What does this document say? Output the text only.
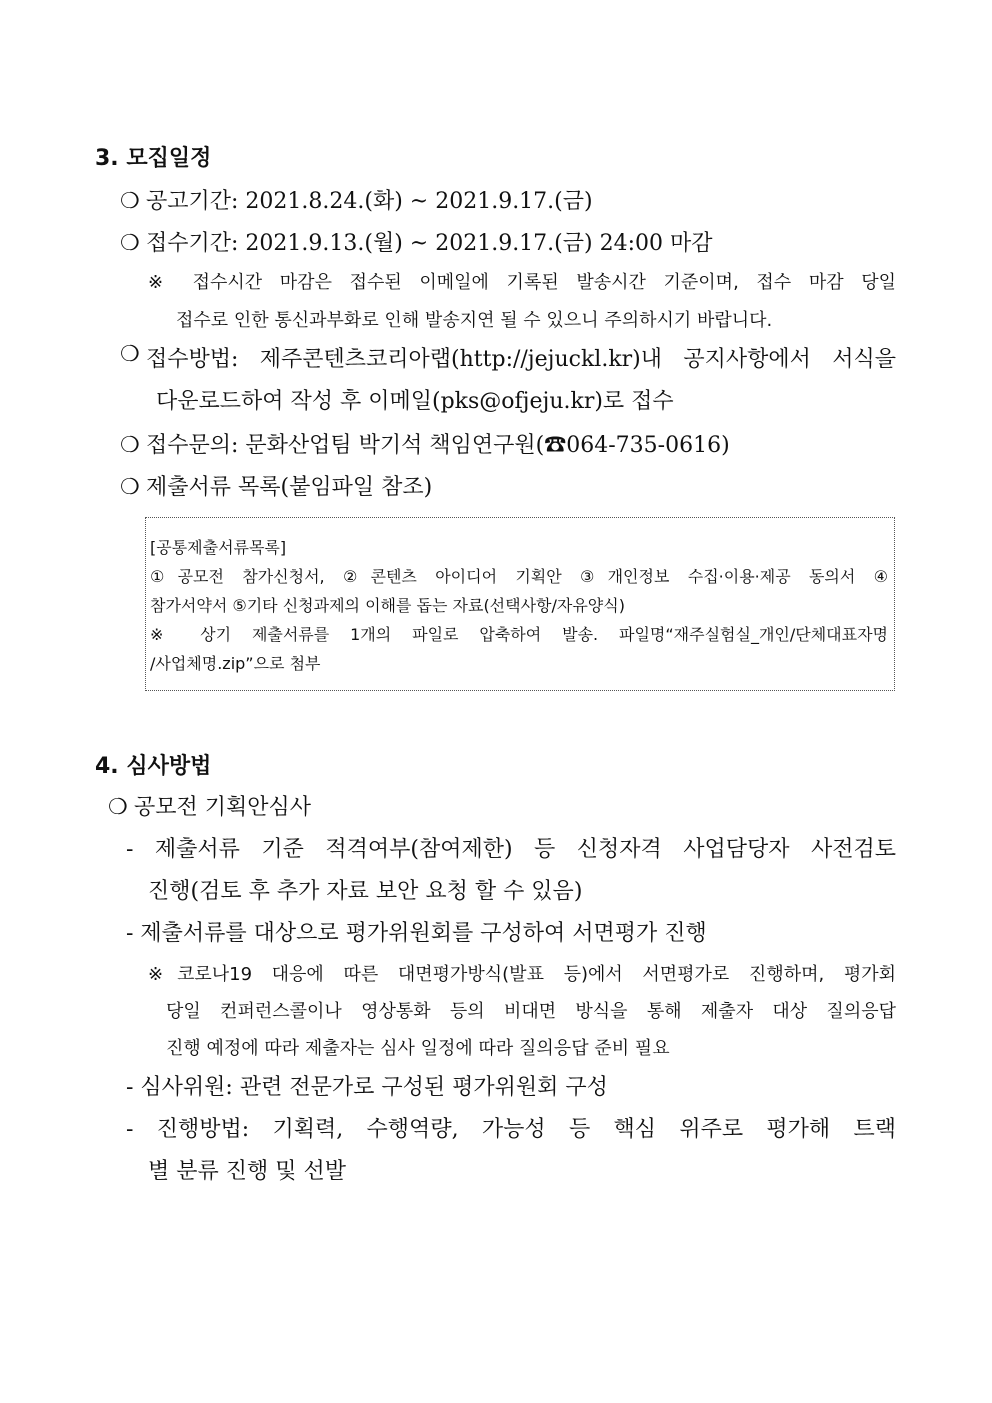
3. 모집일정
❍ 공고기간: 2021.8.24.(화) ~ 2021.9.17.(금)
❍ 접수기간: 2021.9.13.(월) ~ 2021.9.17.(금) 24:00 마감
※ 접수시간 마감은 접수된 이메일에 기록된 발송시간 기준이며, 접수 마감 당일
접수로 인한 통신과부화로 인해 발송지연 될 수 있으니 주의하시기 바랍니다.
❍ 접수방법: 제주콘텐츠코리아랩(http://jejuckl.kr)내 공지사항에서 서식을
다운로드하여 작성 후 이메일(pks@ofjeju.kr)로 접수
❍ 접수문의: 문화산업팀 박기석 책임연구원(☎064-735-0616)
❍ 제출서류 목록(붙임파일 참조)
[공통제출서류목록]
①공모전 참가신청서, ②콘텐츠 아이디어 기획안 ③개인정보 수집·이용·제공 동의서 ④
참가서약서 ⑤기타 신청과제의 이해를 돕는 자료(선택사항/자유양식)
※ 상기 제출서류를 1개의 파일로 압축하여 발송. 파일명“재주실험실_개인/단체대표자명
/사업체명.zip”으로 첨부
4. 심사방법
❍ 공모전 기획안심사
- 제출서류 기준 적격여부(참여제한) 등 신청자격 사업담당자 사전검토
진행(검토 후 추가 자료 보안 요청 할 수 있음)
- 제출서류를 대상으로 평가위원회를 구성하여 서면평가 진행
※코로나19 대응에 따른 대면평가방식(발표 등)에서 서면평가로 진행하며, 평가회
당일 컨퍼런스콜이나 영상통화 등의 비대면 방식을 통해 제출자 대상 질의응답
진행 예정에 따라 제출자는 심사 일정에 따라 질의응답 준비 필요
- 심사위원: 관련 전문가로 구성된 평가위원회 구성
- 진행방법: 기획력, 수행역량, 가능성 등 핵심 위주로 평가해 트랙
별 분류 진행 및 선발
